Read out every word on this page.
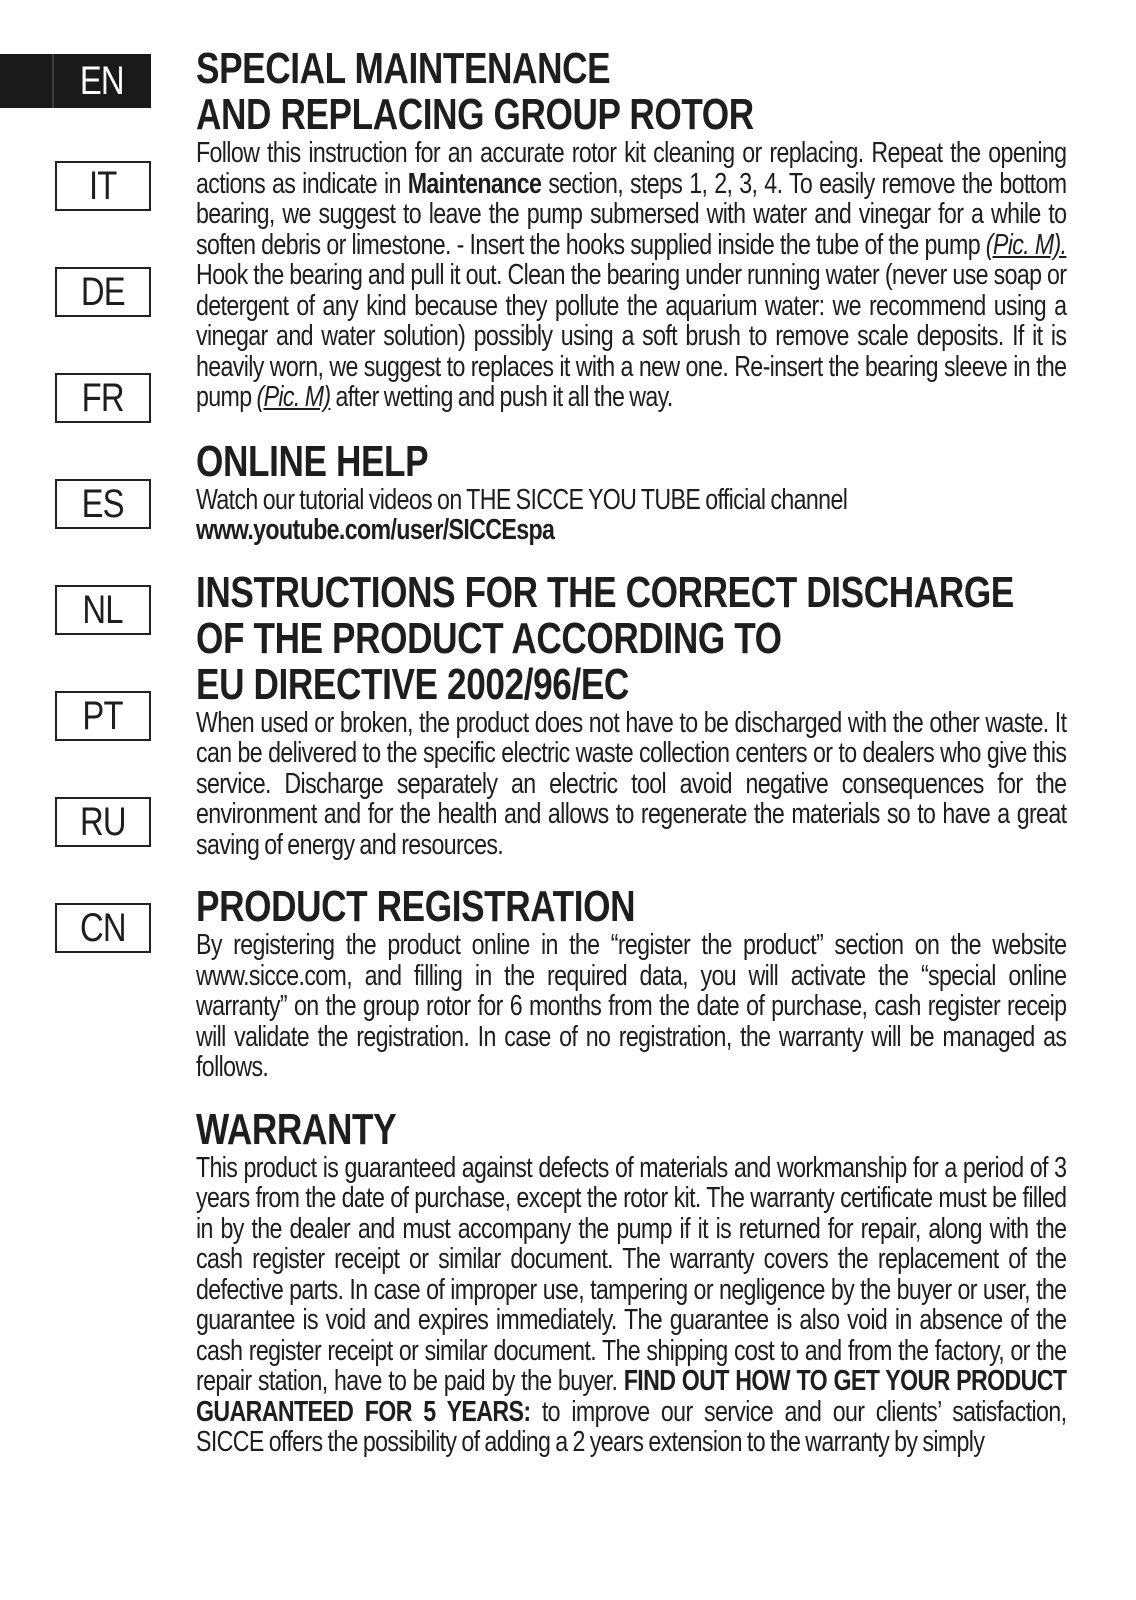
EN
IT
DE
FR
ES
NL
PT
RU
CN
SPECIAL MAINTENANCE
AND REPLACING GROUP ROTOR

Follow this instruction for an accurate rotor kit cleaning or replacing. Repeat the opening actions as indicate in Maintenance section, steps 1, 2, 3, 4. To easily remove the bottom bearing, we suggest to leave the pump submersed with water and vinegar for a while to soften debris or limestone. - Insert the hooks supplied inside the tube of the pump (Pic. M). Hook the bearing and pull it out. Clean the bearing under running water (never use soap or detergent of any kind because they pollute the aquarium water: we recommend using a vinegar and water solution) possibly using a soft brush to remove scale deposits. If it is heavily worn, we suggest to replaces it with a new one. Re-insert the bearing sleeve in the pump (Pic. M) after wetting and push it all the way.

ONLINE HELP

Watch our tutorial videos on THE SICCE YOU TUBE official channel

www.youtube.com/user/SICCEspa

INSTRUCTIONS FOR THE CORRECT DISCHARGE
OF THE PRODUCT ACCORDING TO
EU DIRECTIVE 2002/96/EC

When used or broken, the product does not have to be discharged with the other waste. It can be delivered to the specific electric waste collection centers or to dealers who give this service. Discharge separately an electric tool avoid negative consequences for the environment and for the health and allows to regenerate the materials so to have a great saving of energy and resources.

PRODUCT REGISTRATION

By registering the product online in the “register the product” section on the website www.sicce.com, and filling in the required data, you will activate the “special online warranty” on the group rotor for 6 months from the date of purchase, cash register receip will validate the registration. In case of no registration, the warranty will be managed as follows.

WARRANTY

This product is guaranteed against defects of materials and workmanship for a period of 3 years from the date of purchase, except the rotor kit. The warranty certificate must be filled in by the dealer and must accompany the pump if it is returned for repair, along with the cash register receipt or similar document. The warranty covers the replacement of the defective parts. In case of improper use, tampering or negligence by the buyer or user, the guarantee is void and expires immediately. The guarantee is also void in absence of the cash register receipt or similar document. The shipping cost to and from the factory, or the repair station, have to be paid by the buyer. FIND OUT HOW TO GET YOUR PRODUCT GUARANTEED FOR 5 YEARS: to improve our service and our clients’ satisfaction, SICCE offers the possibility of adding a 2 years extension to the warranty by simply
